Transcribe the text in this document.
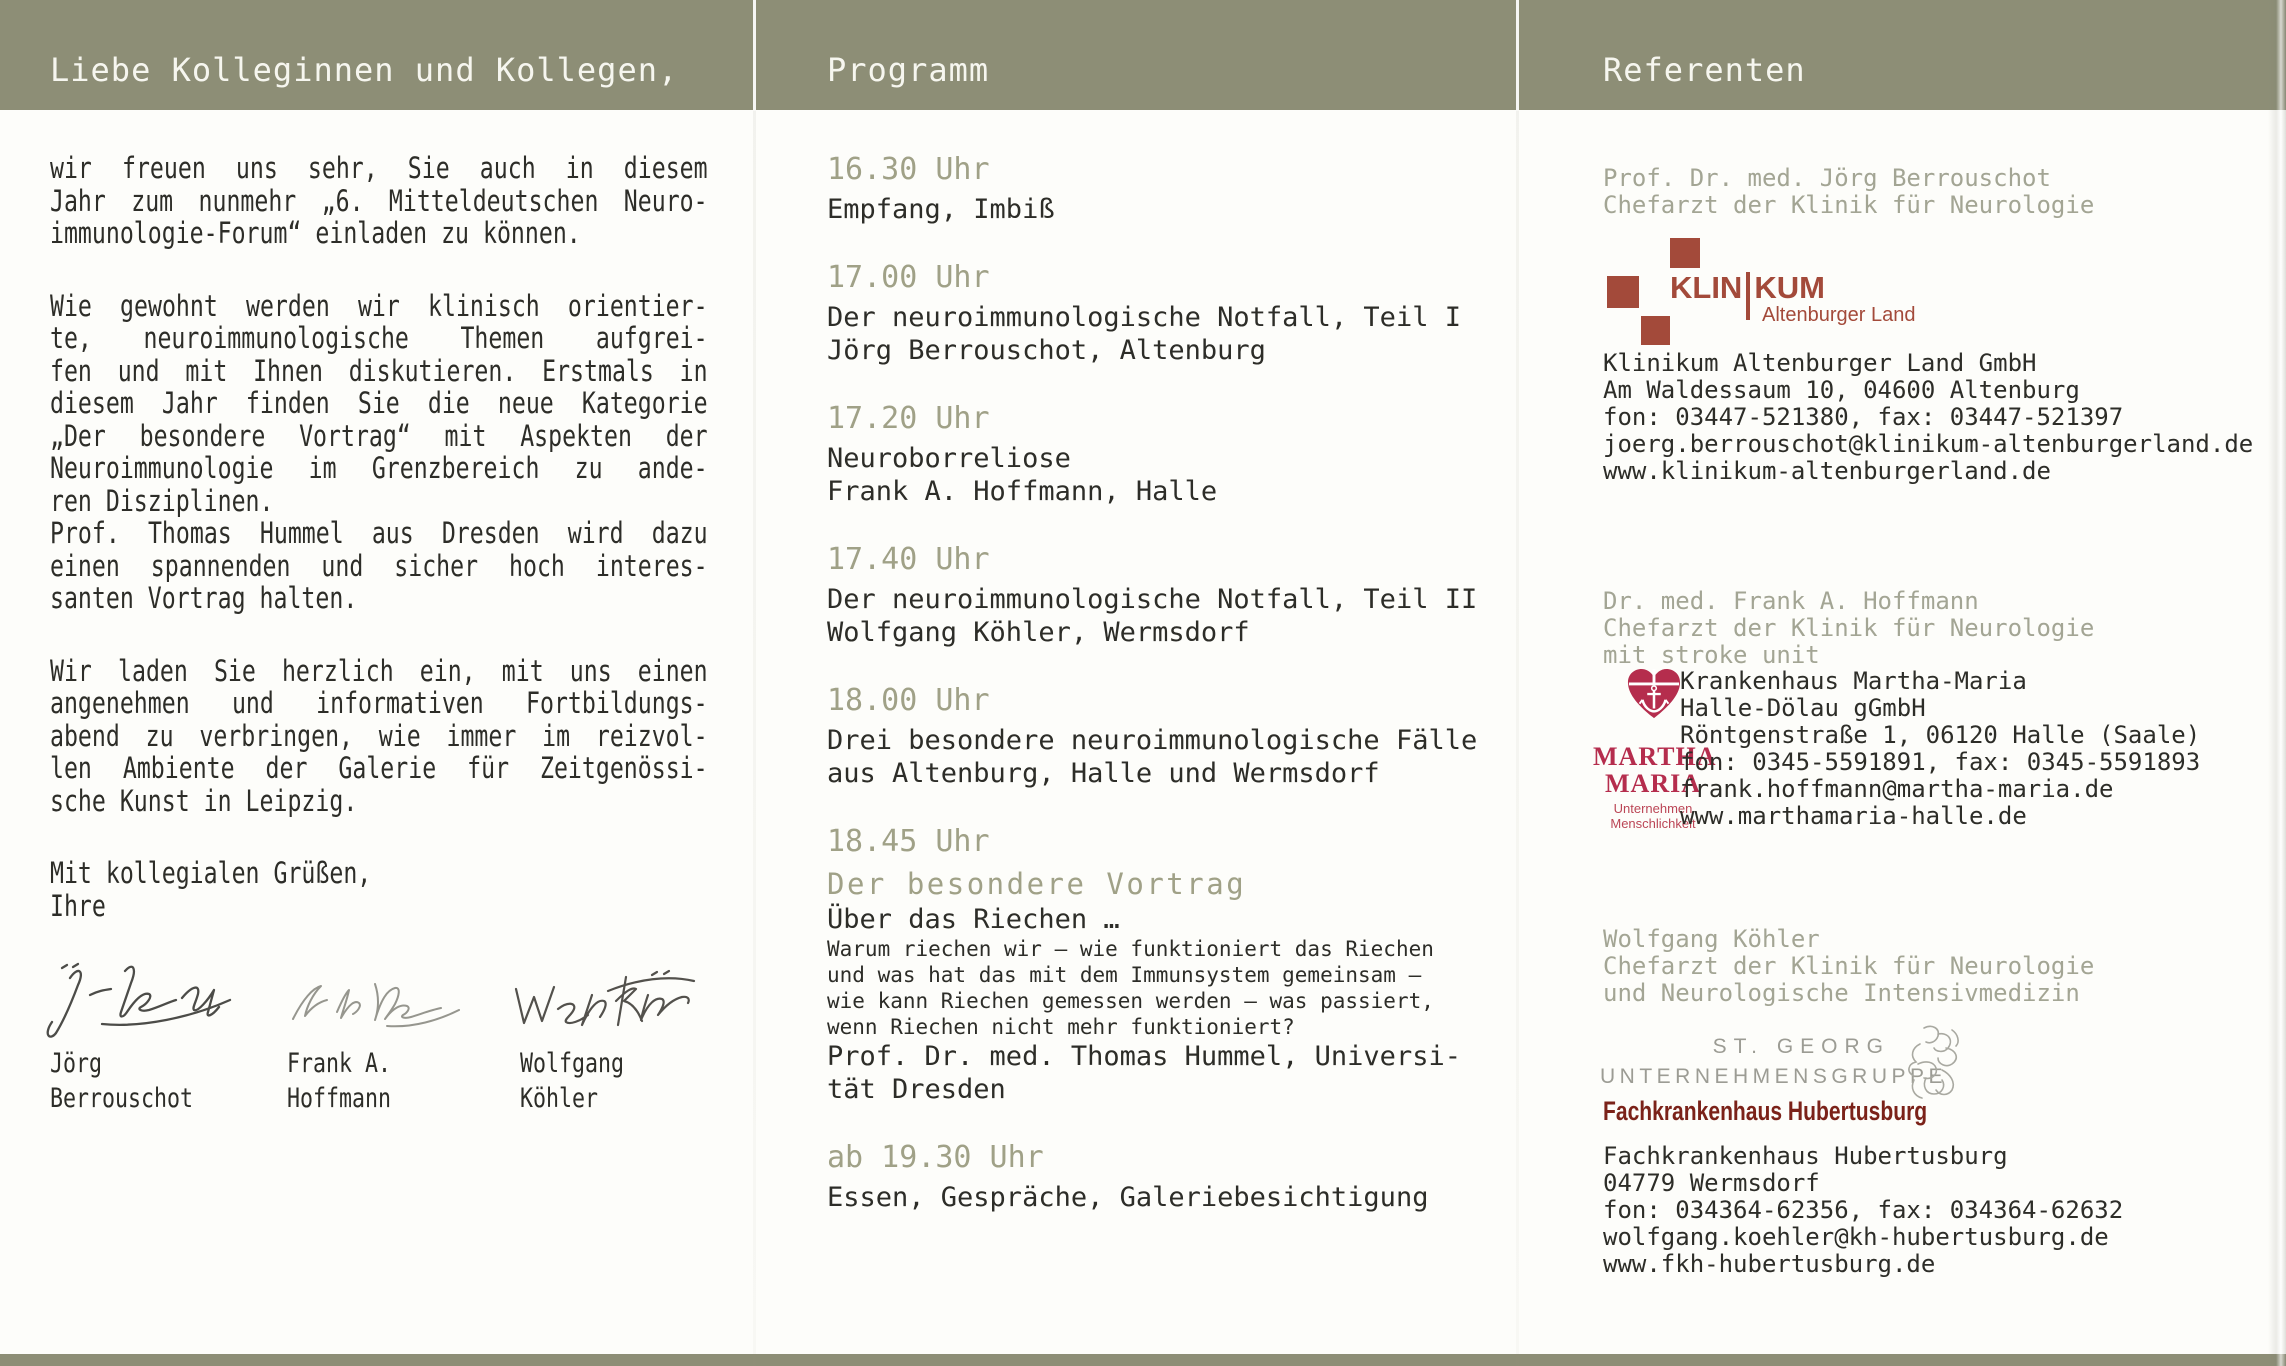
Liebe Kolleginnen und Kollegen,	Programm	Referenten
wir freuen uns sehr, Sie auch in diesem
Jahr zum nunmehr „6. Mitteldeutschen Neuro-
immunologie-Forum“ einladen zu können.
Wie gewohnt werden wir klinisch orientier-
te, neuroimmunologische Themen aufgrei-
fen und mit Ihnen diskutieren. Erstmals in
diesem Jahr finden Sie die neue Kategorie
„Der besondere Vortrag“ mit Aspekten der
Neuroimmunologie im Grenzbereich zu ande-
ren Disziplinen.
Prof. Thomas Hummel aus Dresden wird dazu
einen spannenden und sicher hoch interes-
santen Vortrag halten.
Wir laden Sie herzlich ein, mit uns einen
angenehmen und informativen Fortbildungs-
abend zu verbringen, wie immer im reizvol-
len Ambiente der Galerie für Zeitgenössi-
sche Kunst in Leipzig.
Mit kollegialen Grüßen,
Ihre
Jörg
Berrouschot
Frank A.
Hoffmann
Wolfgang
Köhler
16.30 Uhr
Empfang, Imbiß
17.00 Uhr
Der neuroimmunologische Notfall, Teil I
Jörg Berrouschot, Altenburg
17.20 Uhr
Neuroborreliose
Frank A. Hoffmann, Halle
17.40 Uhr
Der neuroimmunologische Notfall, Teil II
Wolfgang Köhler, Wermsdorf
18.00 Uhr
Drei besondere neuroimmunologische Fälle
aus Altenburg, Halle und Wermsdorf
18.45 Uhr
Der besondere Vortrag
Über das Riechen …
Warum riechen wir – wie funktioniert das Riechen
und was hat das mit dem Immunsystem gemeinsam –
wie kann Riechen gemessen werden – was passiert,
wenn Riechen nicht mehr funktioniert?
Prof. Dr. med. Thomas Hummel, Universi-
tät Dresden
ab 19.30 Uhr
Essen, Gespräche, Galeriebesichtigung
Prof. Dr. med. Jörg Berrouschot
Chefarzt der Klinik für Neurologie
KLIN KUM
Altenburger Land
Klinikum Altenburger Land GmbH
Am Waldessaum 10, 04600 Altenburg
fon: 03447-521380, fax: 03447-521397
joerg.berrouschot@klinikum-altenburgerland.de
www.klinikum-altenburgerland.de
Dr. med. Frank A. Hoffmann
Chefarzt der Klinik für Neurologie
mit stroke unit
MARTHA
MARIA
Unternehmen
Menschlichkeit
Krankenhaus Martha-Maria
Halle-Dölau gGmbH
Röntgenstraße 1, 06120 Halle (Saale)
fon: 0345-5591891, fax: 0345-5591893
frank.hoffmann@martha-maria.de
www.marthamaria-halle.de
Wolfgang Köhler
Chefarzt der Klinik für Neurologie
und Neurologische Intensivmedizin
ST. GEORG
UNTERNEHMENSGRUPPE
Fachkrankenhaus Hubertusburg
Fachkrankenhaus Hubertusburg
04779 Wermsdorf
fon: 034364-62356, fax: 034364-62632
wolfgang.koehler@kh-hubertusburg.de
www.fkh-hubertusburg.de
